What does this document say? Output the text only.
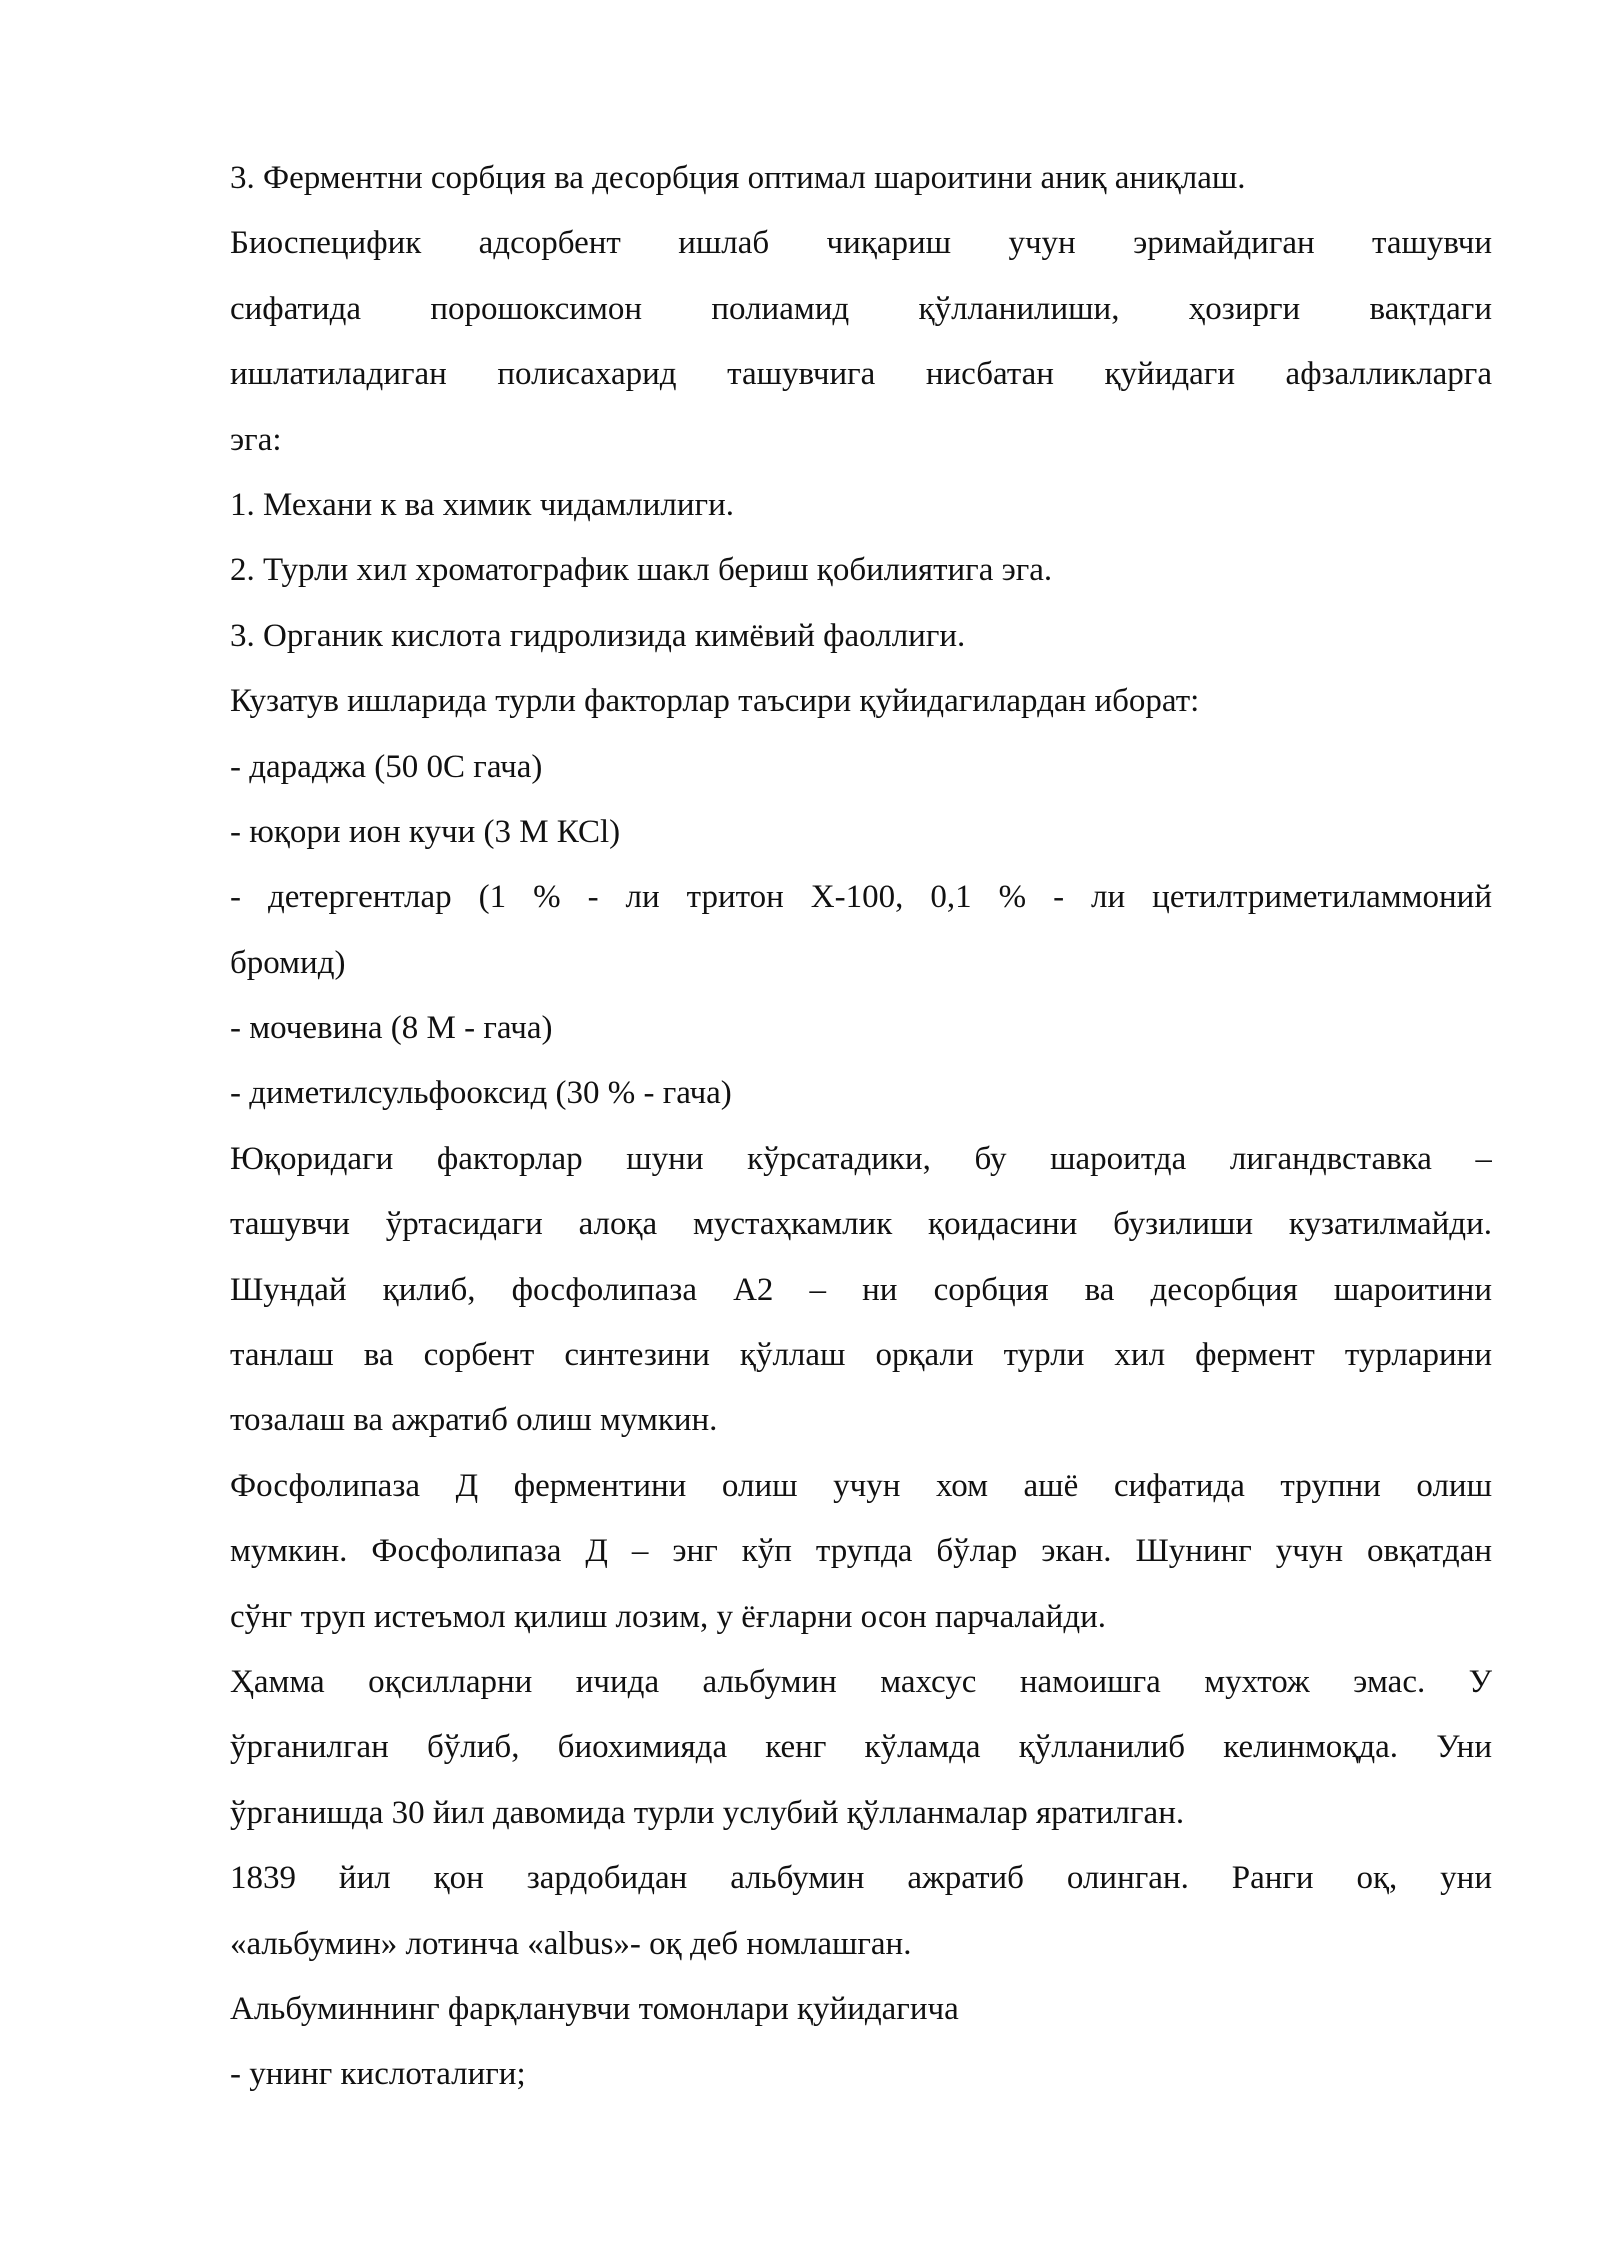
3. Ферментни сорбция ва десорбция оптимал шароитини аниқ аниқлаш.
Биоспецифик адсорбент ишлаб чиқариш учун эримайдиган ташувчи
сифатида порошоксимон полиамид қўлланилиши, ҳозирги вақтдаги
ишлатиладиган полисахарид ташувчига нисбатан қуйидаги афзалликларга
эга:
1. Механи к ва химик чидамлилиги.
2. Турли хил хроматографик шакл бериш қобилиятига эга.
3. Органик кислота гидролизида кимёвий фаоллиги.
Кузатув ишларида турли факторлар таъсири қуйидагилардан иборат:
- дараджа (50 0С гача)
- юқори ион кучи (3 M КСl)
- детергентлар (1 % - ли тритон Х-100, 0,1 % - ли цетилтриметиламмоний
бромид)
- мочевина (8 М - гача)
- диметилсульфооксид (30 % - гача)
Юқоридаги факторлар шуни кўрсатадики, бу шароитда лигандвставка –
ташувчи ўртасидаги алоқа мустаҳкамлик қоидасини бузилиши кузатилмайди.
Шундай қилиб, фосфолипаза А2 – ни сорбция ва десорбция шароитини
танлаш ва сорбент синтезини қўллаш орқали турли хил фермент турларини
тозалаш ва ажратиб олиш мумкин.
Фосфолипаза Д ферментини олиш учун хом ашё сифатида трупни олиш
мумкин. Фосфолипаза Д – энг кўп трупда бўлар экан. Шунинг учун овқатдан
сўнг труп истеъмол қилиш лозим, у ёғларни осон парчалайди.
Ҳамма оқсилларни ичида альбумин махсус намоишга мухтож эмас. У
ўрганилган бўлиб, биохимияда кенг кўламда қўлланилиб келинмоқда. Уни
ўрганишда 30 йил давомида турли услубий қўлланмалар яратилган.
1839 йил қон зардобидан альбумин ажратиб олинган. Ранги оқ, уни
«альбумин» лотинча «albus»- оқ деб номлашган.
Альбуминнинг фарқланувчи томонлари қуйидагича
- унинг кислоталиги;
